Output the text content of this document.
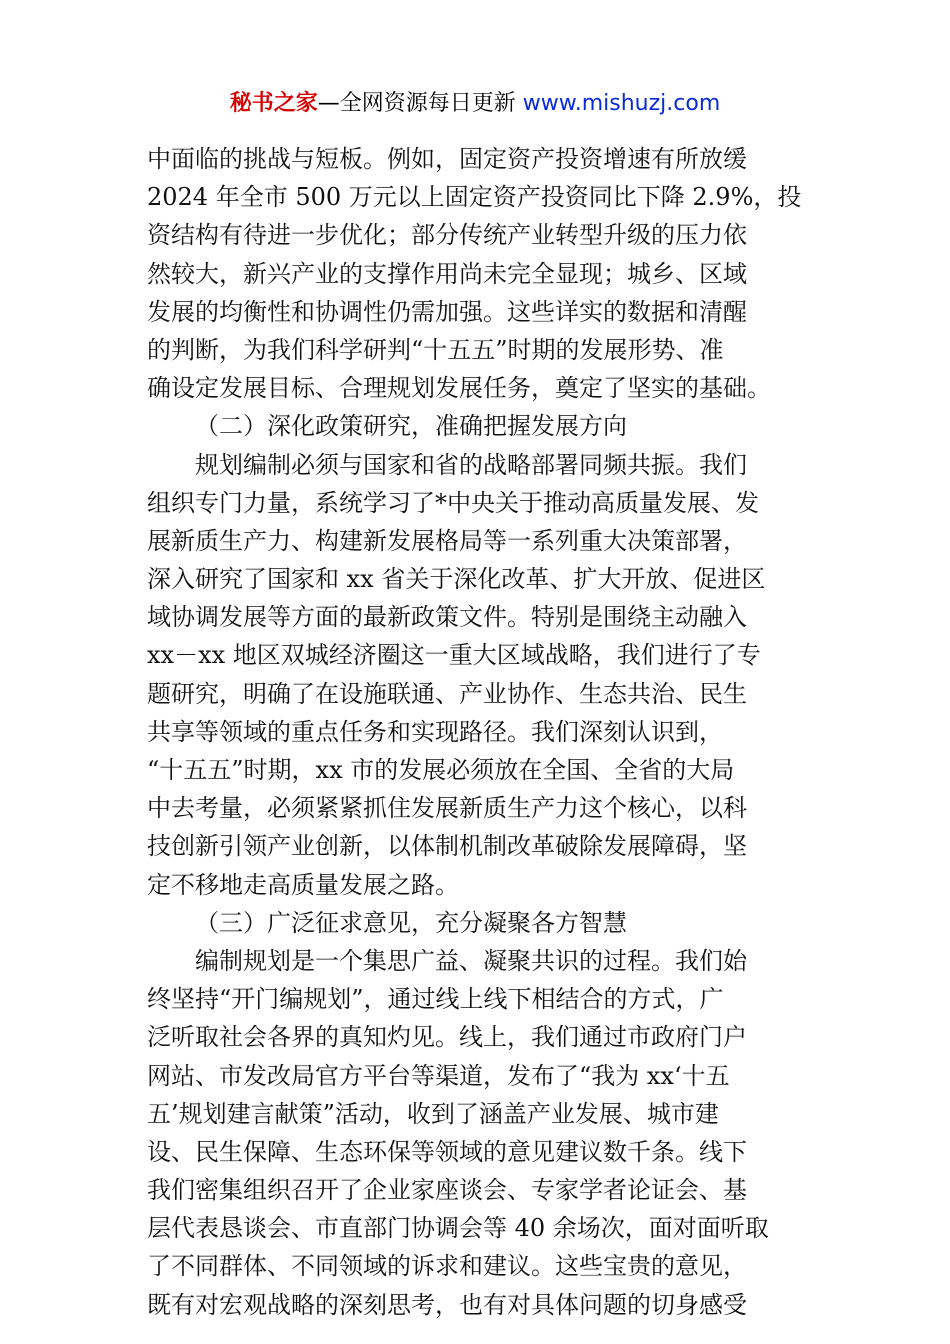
秘书之家—全网资源每日更新 www.mishuzj.com
中面临的挑战与短板。例如，固定资产投资增速有所放缓
2024 年全市 500 万元以上固定资产投资同比下降 2.9%，投
资结构有待进一步优化；部分传统产业转型升级的压力依
然较大，新兴产业的支撑作用尚未完全显现；城乡、区域
发展的均衡性和协调性仍需加强。这些详实的数据和清醒
的判断，为我们科学研判“十五五”时期的发展形势、准
确设定发展目标、合理规划发展任务，奠定了坚实的基础。
（二）深化政策研究，准确把握发展方向
规划编制必须与国家和省的战略部署同频共振。我们
组织专门力量，系统学习了*中央关于推动高质量发展、发
展新质生产力、构建新发展格局等一系列重大决策部署，
深入研究了国家和 xx 省关于深化改革、扩大开放、促进区
域协调发展等方面的最新政策文件。特别是围绕主动融入
xx－xx 地区双城经济圈这一重大区域战略，我们进行了专
题研究，明确了在设施联通、产业协作、生态共治、民生
共享等领域的重点任务和实现路径。我们深刻认识到，
“十五五”时期，xx 市的发展必须放在全国、全省的大局
中去考量，必须紧紧抓住发展新质生产力这个核心，以科
技创新引领产业创新，以体制机制改革破除发展障碍，坚
定不移地走高质量发展之路。
（三）广泛征求意见，充分凝聚各方智慧
编制规划是一个集思广益、凝聚共识的过程。我们始
终坚持“开门编规划”，通过线上线下相结合的方式，广
泛听取社会各界的真知灼见。线上，我们通过市政府门户
网站、市发改局官方平台等渠道，发布了“我为 xx‘十五
五’规划建言献策”活动，收到了涵盖产业发展、城市建
设、民生保障、生态环保等领域的意见建议数千条。线下
我们密集组织召开了企业家座谈会、专家学者论证会、基
层代表恳谈会、市直部门协调会等 40 余场次，面对面听取
了不同群体、不同领域的诉求和建议。这些宝贵的意见，
既有对宏观战略的深刻思考，也有对具体问题的切身感受
